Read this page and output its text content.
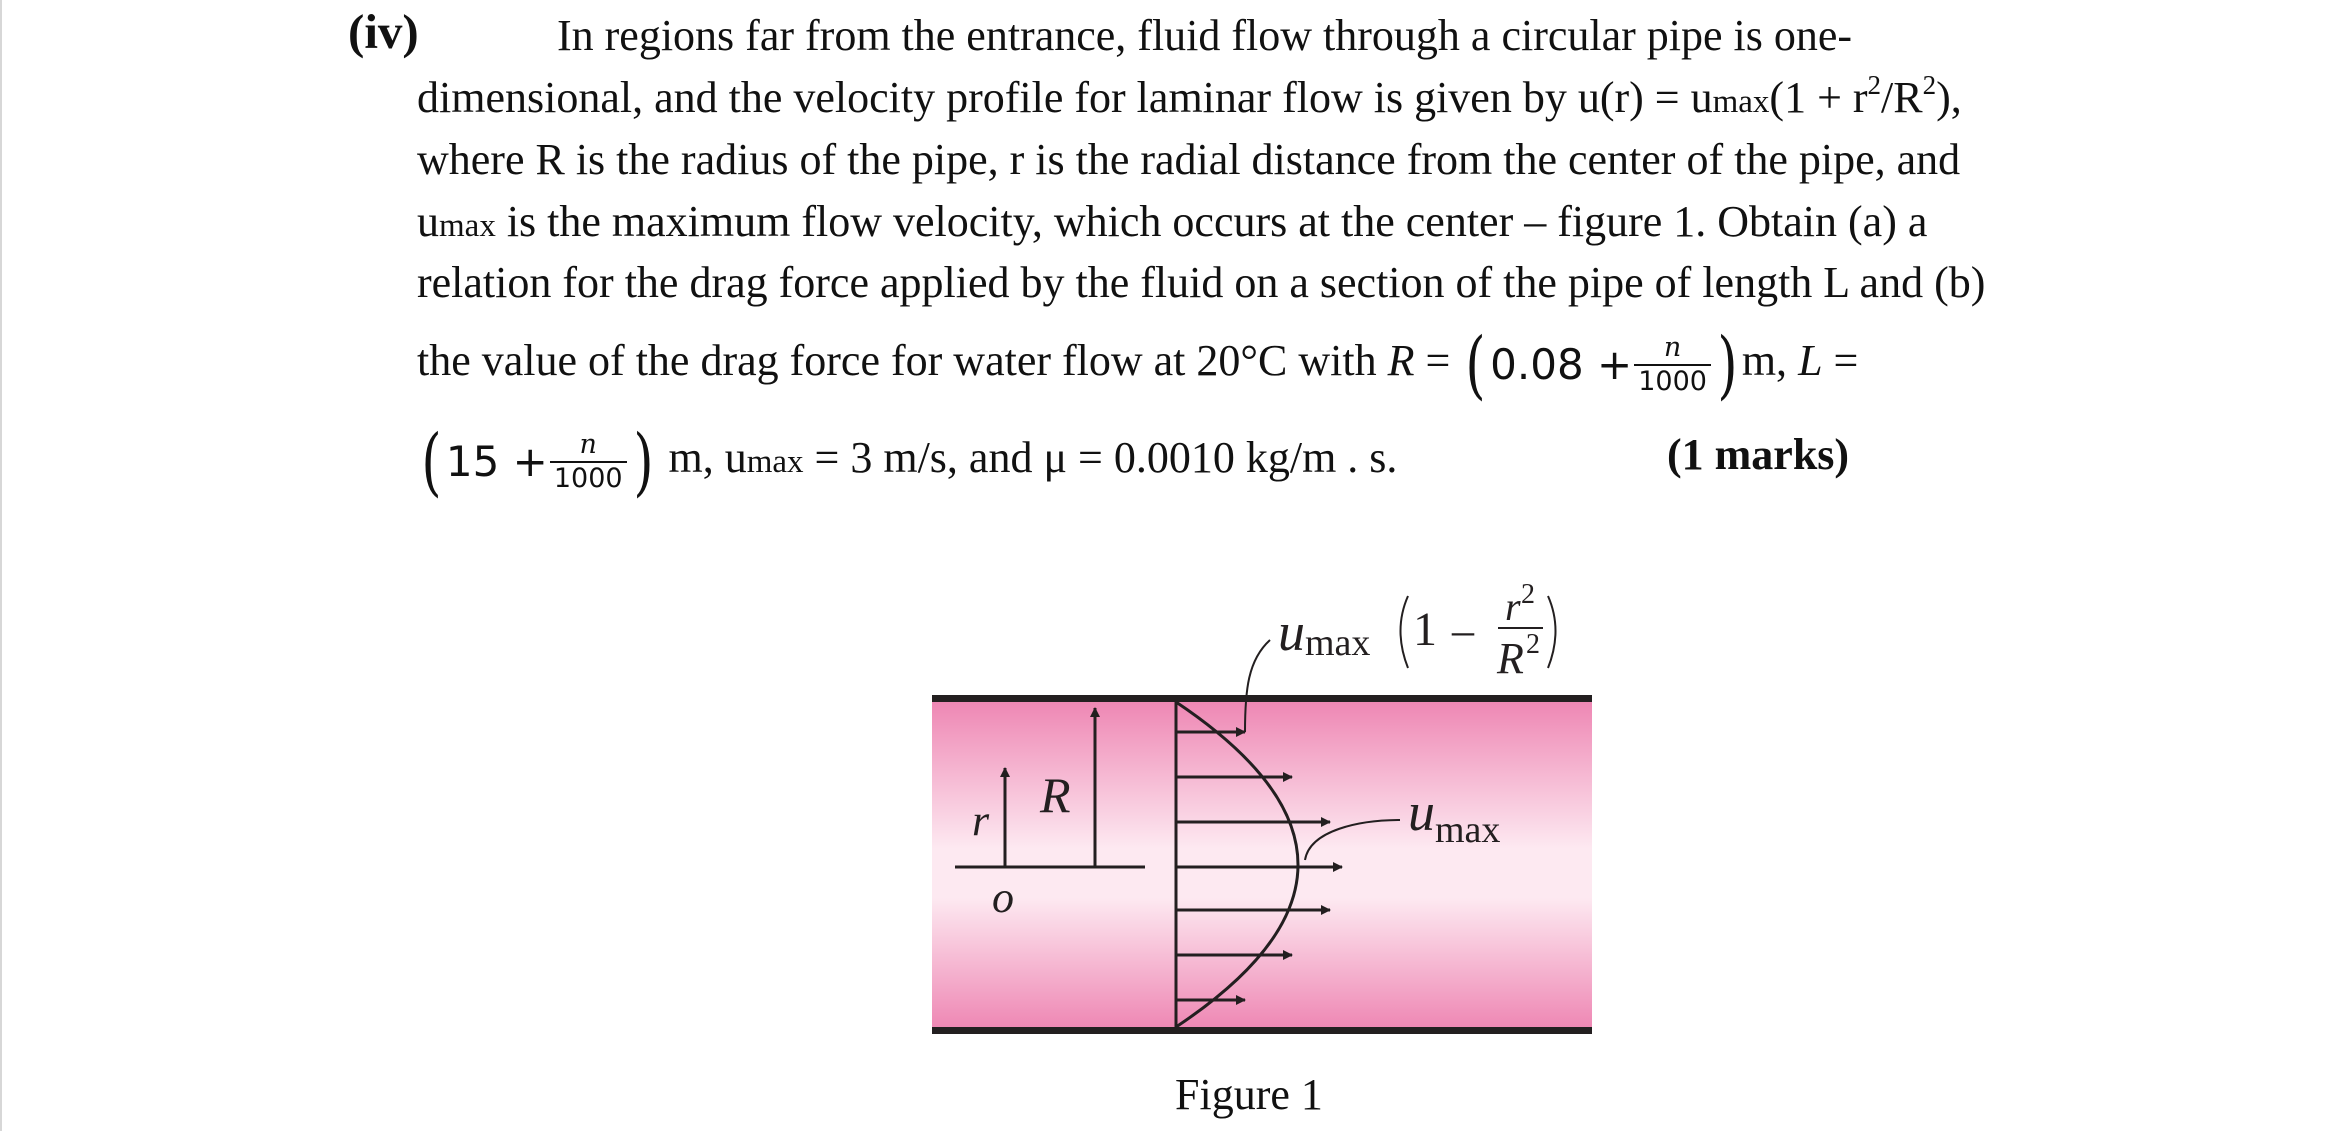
(iv)	In regions far from the entrance, fluid flow through a circular pipe is one-
dimensional, and the velocity profile for laminar flow is given by $u(r) = umax(1 + r^2/R^2)$,
where R is the radius of the pipe, r is the radial distance from the center of the pipe, and
umax is the maximum flow velocity, which occurs at the center – figure 1. Obtain (a) a
relation for the drag force applied by the fluid on a section of the pipe of length L and (b)
the value of the drag force for water flow at 20°C with R = ( $0.08 + \frac{n}{1000} )m$, L =
( $15 + \frac{n}{1000}$ ) m, umax = 3 m/s, and μ = 0.0010 kg/m . s.	(1 marks)
r R
o
u max 1 – r 2
R 2
u max
Figure 1
